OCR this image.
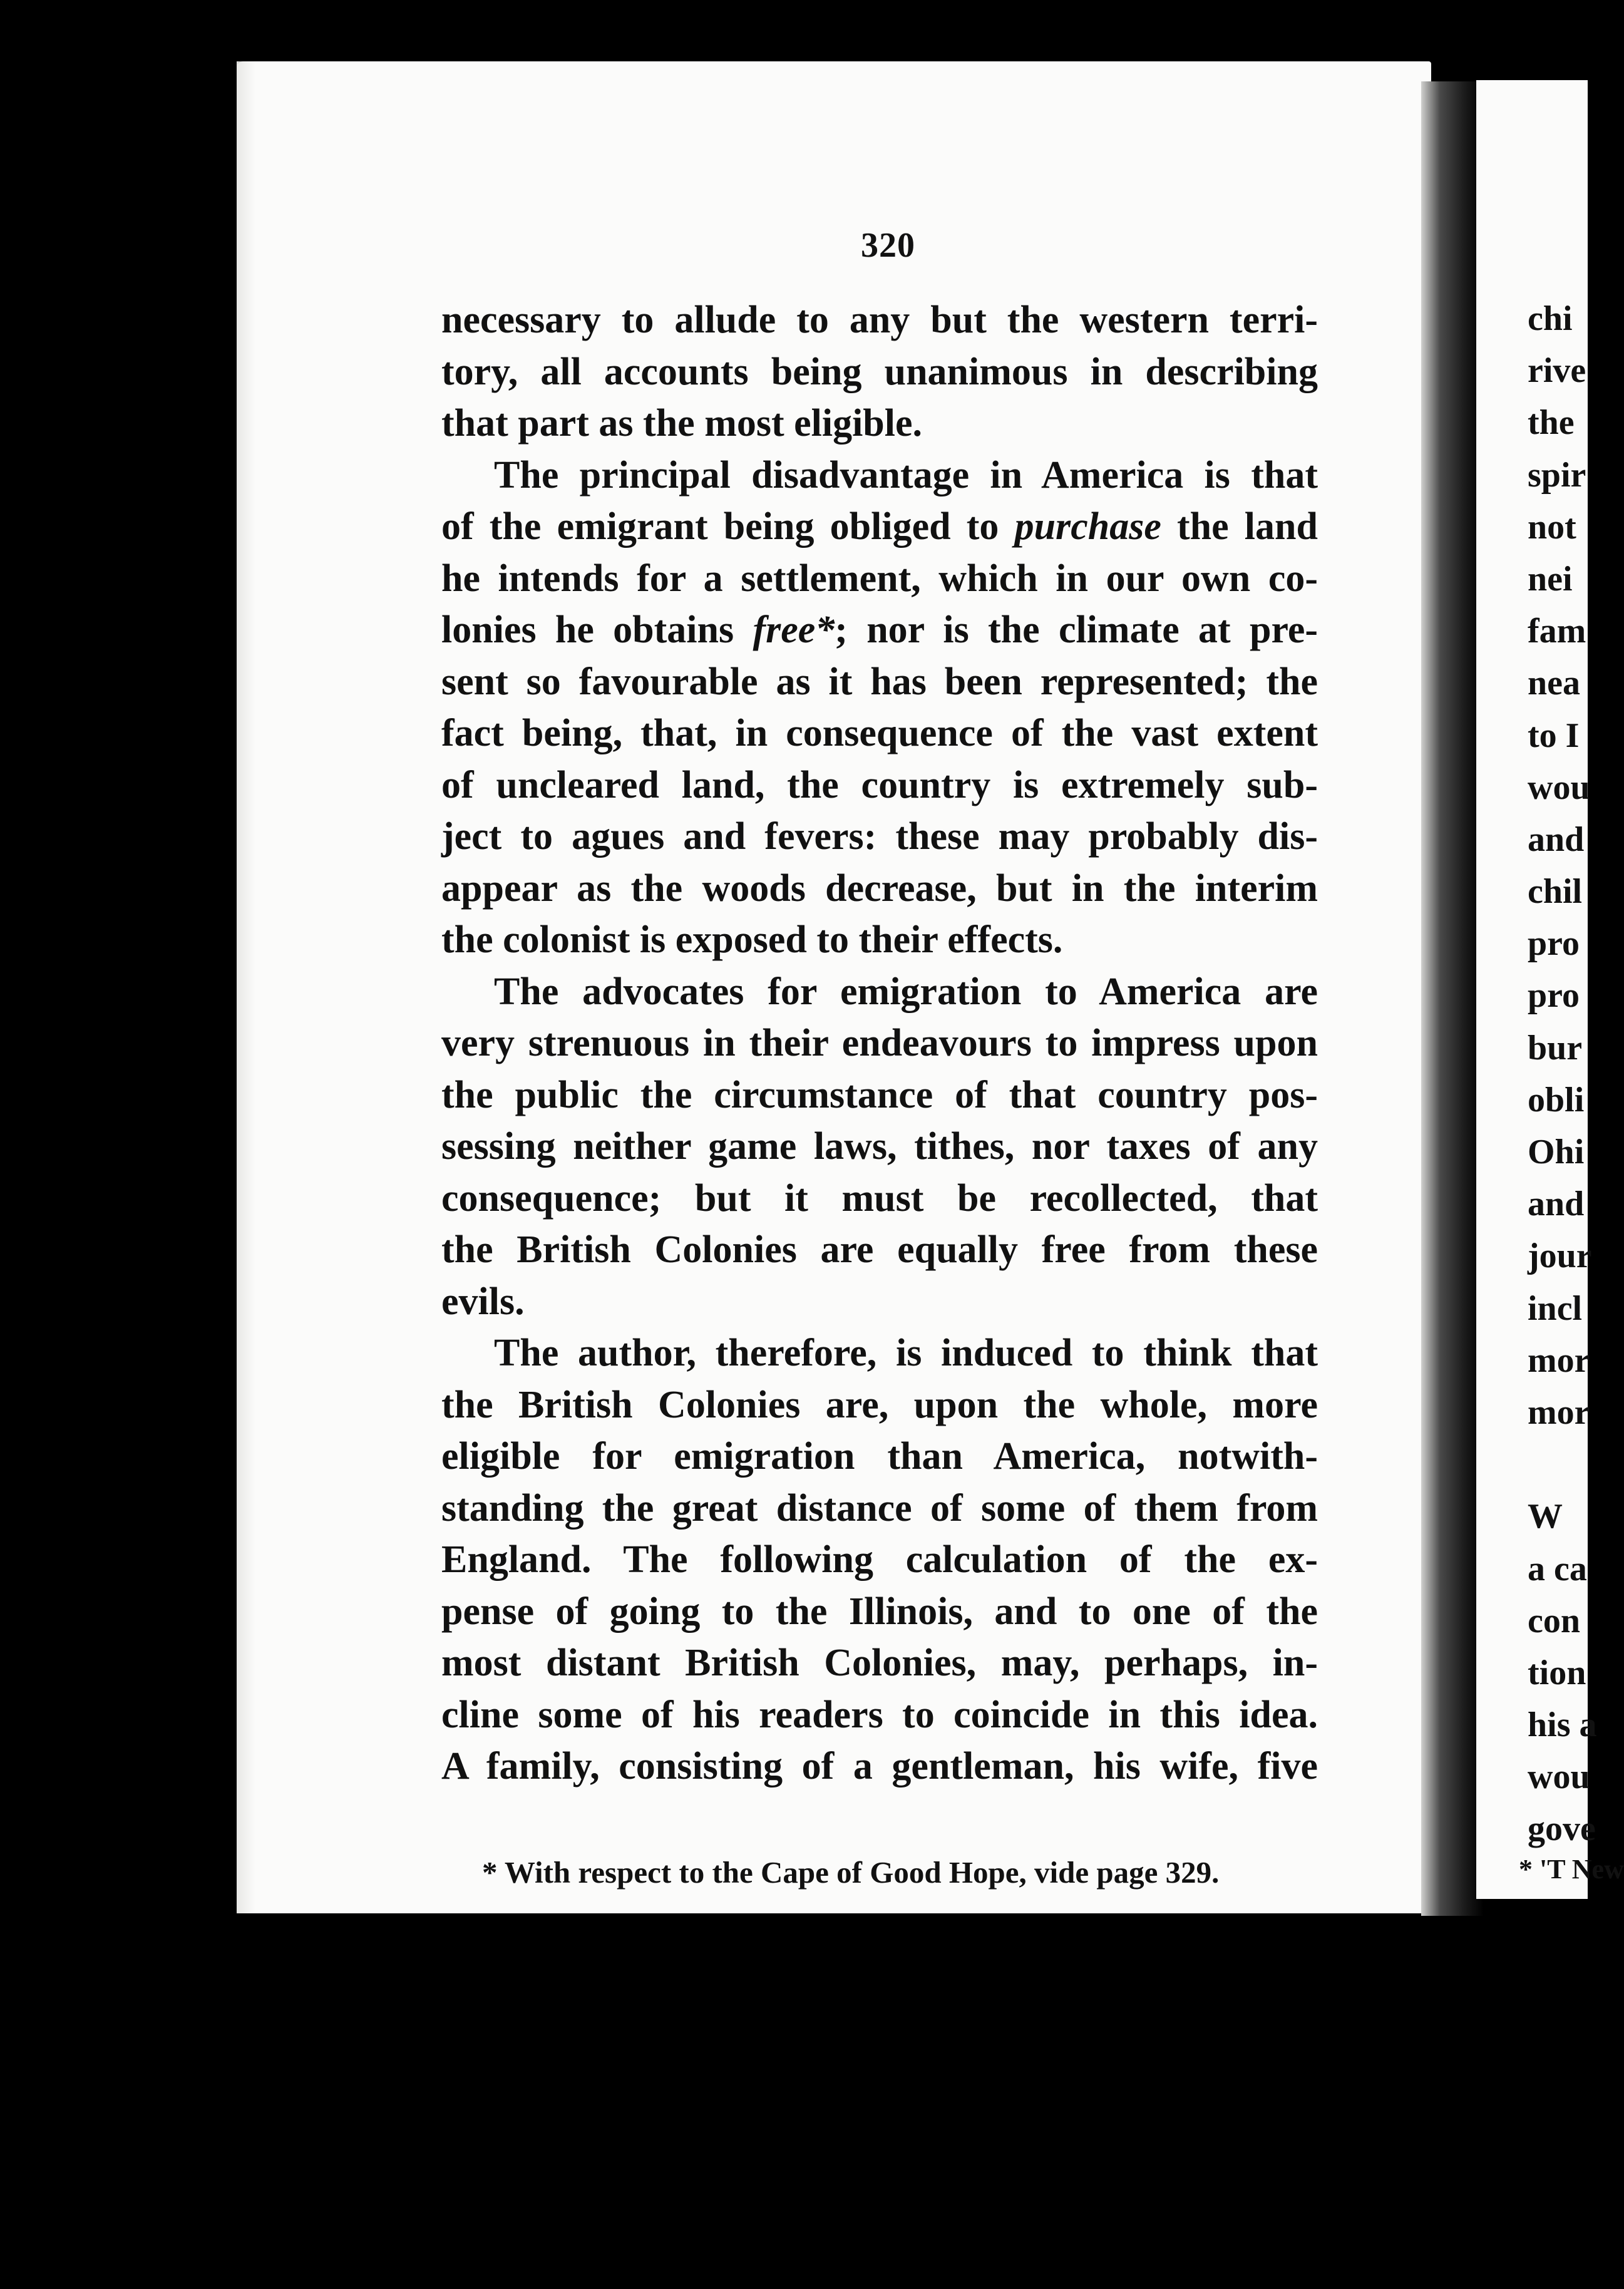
320
necessary to allude to any but the western terri-
tory, all accounts being unanimous in describing
that part as the most eligible.
The principal disadvantage in America is that
of the emigrant being obliged to purchase the land
he intends for a settlement, which in our own co-
lonies he obtains free*; nor is the climate at pre-
sent so favourable as it has been represented; the
fact being, that, in consequence of the vast extent
of uncleared land, the country is extremely sub-
ject to agues and fevers: these may probably dis-
appear as the woods decrease, but in the interim
the colonist is exposed to their effects.
The advocates for emigration to America are
very strenuous in their endeavours to impress upon
the public the circumstance of that country pos-
sessing neither game laws, tithes, nor taxes of any
consequence; but it must be recollected, that
the British Colonies are equally free from these
evils.
The author, therefore, is induced to think that
the British Colonies are, upon the whole, more
eligible for emigration than America, notwith-
standing the great distance of some of them from
England. The following calculation of the ex-
pense of going to the Illinois, and to one of the
most distant British Colonies, may, perhaps, in-
cline some of his readers to coincide in this idea.
A family, consisting of a gentleman, his wife, five
* With respect to the Cape of Good Hope, vide page 329.
chi
rive
the
spir
not
nei
fam
nea
to I
wou
and
chil
pro
pro
bur
obli
Ohi
and
jour
incl
mor
mor
W
a ca
con
tion
his a
wou
gove
* 'T New
